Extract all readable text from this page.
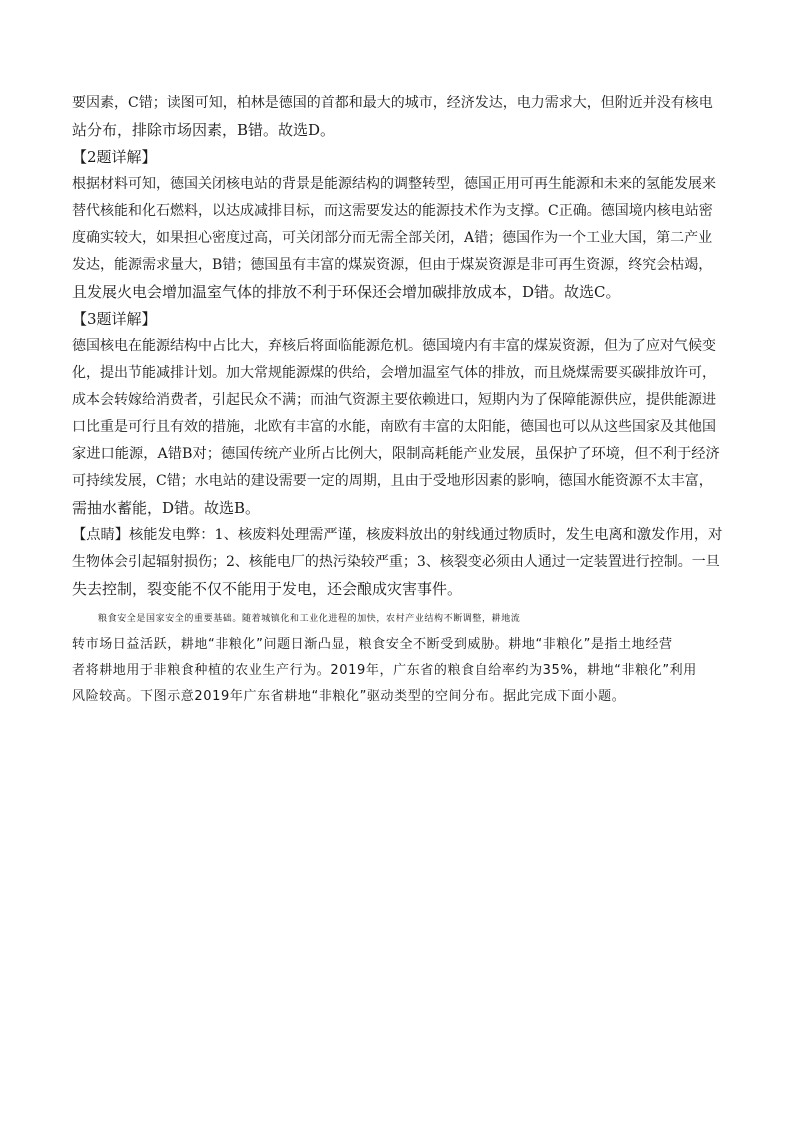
要因素，C错；读图可知，柏林是德国的首都和最大的城市，经济发达，电力需求大，但附近并没有核电
站分布，排除市场因素，B错。故选D。

【2题详解】

根据材料可知，德国关闭核电站的背景是能源结构的调整转型，德国正用可再生能源和未来的氢能发展来
替代核能和化石燃料，以达成减排目标，而这需要发达的能源技术作为支撑。C正确。德国境内核电站密
度确实较大，如果担心密度过高，可关闭部分而无需全部关闭，A错；德国作为一个工业大国，第二产业
发达，能源需求量大，B错；德国虽有丰富的煤炭资源，但由于煤炭资源是非可再生资源，终究会枯竭，
且发展火电会增加温室气体的排放不利于环保还会增加碳排放成本，D错。故选C。

【3题详解】

德国核电在能源结构中占比大，弃核后将面临能源危机。德国境内有丰富的煤炭资源，但为了应对气候变
化，提出节能减排计划。加大常规能源煤的供给，会增加温室气体的排放，而且烧煤需要买碳排放许可，
成本会转嫁给消费者，引起民众不满；而油气资源主要依赖进口，短期内为了保障能源供应，提供能源进
口比重是可行且有效的措施，北欧有丰富的水能，南欧有丰富的太阳能，德国也可以从这些国家及其他国
家进口能源，A错B对；德国传统产业所占比例大，限制高耗能产业发展，虽保护了环境，但不利于经济
可持续发展，C错；水电站的建设需要一定的周期，且由于受地形因素的影响，德国水能资源不太丰富，
需抽水蓄能，D错。故选B。

【点睛】核能发电弊：1、核废料处理需严谨，核废料放出的射线通过物质时，发生电离和激发作用，对
生物体会引起辐射损伤；2、核能电厂的热污染较严重；3、核裂变必须由人通过一定装置进行控制。一旦
失去控制，裂变能不仅不能用于发电，还会酿成灾害事件。

粮食安全是国家安全的重要基础。随着城镇化和工业化进程的加快，农村产业结构不断调整，耕地流
转市场日益活跃，耕地“非粮化”问题日渐凸显，粮食安全不断受到威胁。耕地“非粮化”是指土地经营
者将耕地用于非粮食种植的农业生产行为。2019年，广东省的粮食自给率约为35%，耕地“非粮化”利用
风险较高。下图示意2019年广东省耕地“非粮化”驱动类型的空间分布。据此完成下面小题。
